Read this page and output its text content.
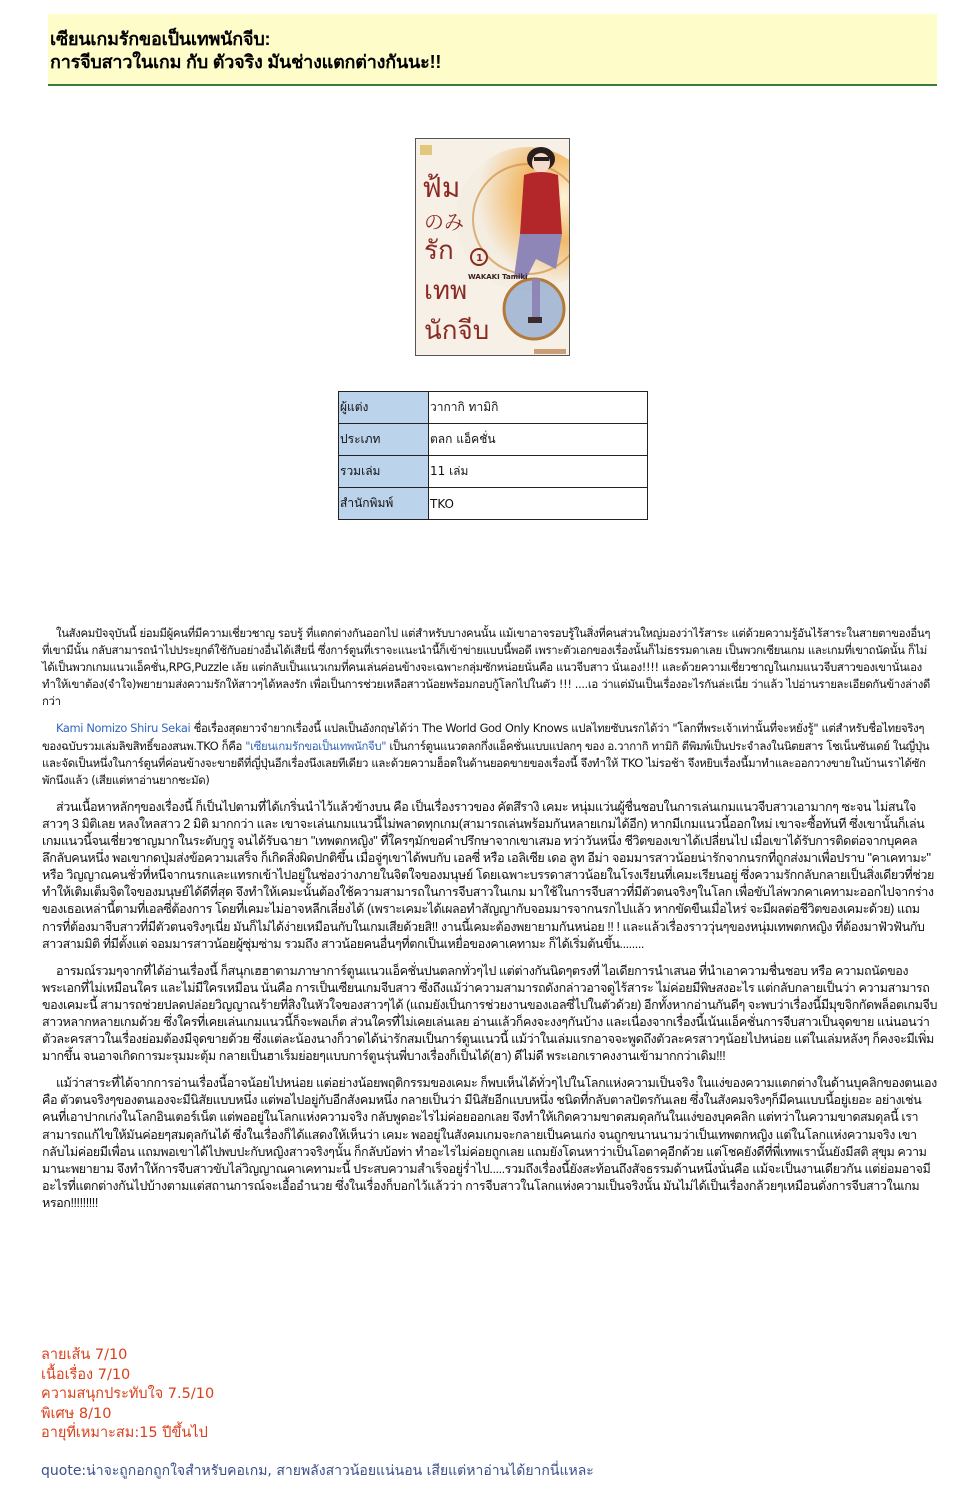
เซียนเกมรักขอเป็นเทพนักจีบ:
การจีบสาวในเกม กับ ตัวจริง มันช่างแตกต่างกันนะ!!
ฟ้ม
のみ
รัก
เทพ
นักจีบ
1
WAKAKI Tamiki
ผู้แต่ง	วากากิ ทามิกิ
ประเภท	ตลก แอ็คชั่น
รวมเล่ม	11 เล่ม
สำนักพิมพ์	TKO

ในสังคมปัจจุบันนี้ ย่อมมีผู้คนที่มีความเชี่ยวชาญ รอบรู้ ที่แตกต่างกันออกไป แต่สำหรับบางคนนั้น แม้เขาอาจรอบรู้ในสิ่งที่คนส่วนใหญ่มองว่าไร้สาระ แต่ด้วยความรู้อันไร้สาระในสายตาของอื่นๆ ที่เขามีนั้น กลับสามารถนำไปประยุกต์ใช้กับอย่างอื่นได้เสียนี่ ซึ่งการ์ตูนที่เราจะแนะนำนี้ก็เข้าข่ายแบบนี้พอดี เพราะตัวเอกของเรื่องนั้นก็ไม่ธรรมดาเลย เป็นพวกเซียนเกม และเกมที่เขาถนัดนั้น ก็ไม่ได้เป็นพวกเกมแนวแอ็คชั่น,RPG,Puzzle เล้ย แต่กลับเป็นแนวเกมที่คนเล่นค่อนข้างจะเฉพาะกลุ่มซักหน่อยนั่นคือ แนวจีบสาว นั่นเอง!!!! และด้วยความเชี่ยวชาญในเกมแนวจีบสาวของเขานั่นเอง ทำให้เขาต้อง(จำใจ)พยายามส่งความรักให้สาวๆได้หลงรัก เพื่อเป็นการช่วยเหลือสาวน้อยพร้อมกอบกู้โลกไปในตัว !!! ....เอ ว่าแต่มันเป็นเรื่องอะไรกันล่ะเนี่ย ว่าแล้ว ไปอ่านรายละเอียดกันข้างล่างดีกว่า

Kami Nomizo Shiru Sekai ชื่อเรื่องสุดยาวจำยากเรื่องนี้ แปลเป็นอังกฤษได้ว่า The World God Only Knows แปลไทยซับนรกได้ว่า "โลกที่พระเจ้าเท่านั้นที่จะหยั่งรู้" แต่สำหรับชื่อไทยจริงๆของฉบับรวมเล่มลิขสิทธิ์ของสนพ.TKO ก็คือ "เซียนเกมรักขอเป็นเทพนักจีบ" เป็นการ์ตูนแนวตลกกึ่งแอ็คชั่นแบบแปลกๆ ของ อ.วากากิ ทามิกิ ตีพิมพ์เป็นประจำลงในนิตยสาร โชเน็นซันเดย์ ในญี่ปุ่น และจัดเป็นหนึ่งในการ์ตูนที่ค่อนข้างจะขายดีที่ญี่ปุ่นอีกเรื่องนึงเลยทีเดียว และด้วยความฮ็อตในด้านยอดขายของเรื่องนี้ จึงทำให้ TKO ไม่รอช้า จึงหยิบเรื่องนี้มาทำและออกวางขายในบ้านเราได้ซักพักนึงแล้ว (เสียแต่หาอ่านยากชะมัด)

ส่วนเนื้อหาหลักๆของเรื่องนี้ ก็เป็นไปตามที่ได้เกริ่นนำไว้แล้วข้างบน คือ เป็นเรื่องราวของ คัตสึรางิ เคมะ หนุ่มแว่นผู้ชื่นชอบในการเล่นเกมแนวจีบสาวเอามากๆ ซะจน ไม่สนใจสาวๆ 3 มิติเลย หลงใหลสาว 2 มิติ มากกว่า และ เขาจะเล่นเกมแนวนี้ไม่พลาดทุกเกม(สามารถเล่นพร้อมกันหลายเกมได้อีก) หากมีเกมแนวนี้ออกใหม่ เขาจะซื้อทันที ซึ่งเขานั้นก็เล่นเกมแนวนี้จนเชี่ยวชาญมากในระดับกูรู จนได้รับฉายา "เทพตกหญิง" ที่ใครๆมักขอคำปรึกษาจากเขาเสมอ ทว่าวันหนึ่ง ชีวิตของเขาได้เปลี่ยนไป เมื่อเขาได้รับการติดต่อจากบุคคลลึกลับคนหนึ่ง พอเขากดปุ่มส่งข้อความเสร็จ ก็เกิดสิ่งผิดปกติขึ้น เมื่อจู่ๆเขาได้พบกับ เอลซี่ หรือ เอลิเซีย เดอ ลูท อีม่า จอมมารสาวน้อยน่ารักจากนรกที่ถูกส่งมาเพื่อปราบ "คาเคทามะ" หรือ วิญญาณคนชั่วที่หนีจากนรกและแทรกเข้าไปอยู่ในช่องว่างภายในจิตใจของมนุษย์ โดยเฉพาะบรรดาสาวน้อยในโรงเรียนที่เคมะเรียนอยู่ ซึ่งความรักกลับกลายเป็นสิ่งเดียวที่ช่วยทำให้เติมเต็มจิตใจของมนุษย์ได้ดีที่สุด จึงทำให้เคมะนั้นต้องใช้ความสามารถในการจีบสาวในเกม มาใช้ในการจีบสาวที่มีตัวตนจริงๆในโลก เพื่อขับไล่พวกคาเคทามะออกไปจากร่างของเธอเหล่านี้ตามที่เอลซี่ต้องการ โดยที่เคมะไม่อาจหลีกเลี่ยงได้ (เพราะเคมะได้เผลอทำสัญญากับจอมมารจากนรกไปแล้ว หากขัดขืนเมื่อไหร่ จะมีผลต่อชีวิตของเคมะด้วย) แถมการที่ต้องมาจีบสาวที่มีตัวตนจริงๆเนี่ย มันก็ไม่ได้ง่ายเหมือนกับในเกมเสียด้วยสิ!! งานนี้เคมะต้องพยายามกันหน่อย !! ! และแล้วเรื่องราววุ่นๆของหนุ่มเทพตกหญิง ที่ต้องมาฟัวฟันกับสาวสามมิติ ที่มีตั้งแต่ จอมมารสาวน้อยผู้ซุ่มซ่าม รวมถึง สาวน้อยคนอื่นๆที่ตกเป็นเหยื่อของคาเคทามะ ก็ได้เริ่มต้นขึ้น........

อารมณ์รวมๆจากที่ได้อ่านเรื่องนี้ ก็สนุกเฮฮาตามภาษาการ์ตูนแนวแอ็คชั่นปนตลกทั่วๆไป แต่ต่างกันนิดๆตรงที่ ไอเดียการนำเสนอ ที่นำเอาความชื่นชอบ หรือ ความถนัดของพระเอกที่ไม่เหมือนใคร และไม่มีใครเหมือน นั่นคือ การเป็นเซียนเกมจีบสาว ซึ่งถึงแม้ว่าความสามารถดังกล่าวอาจดูไร้สาระ ไม่ค่อยมีพิษสงอะไร แต่กลับกลายเป็นว่า ความสามารถของเคมะนี้ สามารถช่วยปลดปล่อยวิญญาณร้ายที่สิงในหัวใจของสาวๆได้ (แถมยังเป็นการช่วยงานของเอลซี่ไปในตัวด้วย) อีกทั้งหากอ่านกันดีๆ จะพบว่าเรื่องนี้มีมุขจิกกัดพล็อตเกมจีบสาวหลากหลายเกมด้วย ซึ่งใครที่เคยเล่นเกมแนวนี้ก็จะพอเก็ต ส่วนใครที่ไม่เคยเล่นเลย อ่านแล้วก็คงจะงงๆกันบ้าง และเนื่องจากเรื่องนี้เน้นแอ็คชั่นการจีบสาวเป็นจุดขาย แน่นอนว่า ตัวละครสาวในเรื่องย่อมต้องมีจุดขายด้วย ซึ่งแต่ละน้องนางก็วาดได้น่ารักสมเป็นการ์ตูนแนวนี้ แม้ว่าในเล่มแรกอาจจะพูดถึงตัวละครสาวๆน้อยไปหน่อย แต่ในเล่มหลังๆ ก็คงจะมีเพิ่มมากขึ้น จนอาจเกิดการมะรุมมะตุ้ม กลายเป็นฮาเร็มย่อยๆแบบการ์ตูนรุ่นพี่บางเรื่องก็เป็นได้(ฮา) ดีไม่ดี พระเอกเราคงงานเข้ามากกว่าเดิม!!!

แม้ว่าสาระที่ได้จากการอ่านเรื่องนี้อาจน้อยไปหน่อย แต่อย่างน้อยพฤติกรรมของเคมะ ก็พบเห็นได้ทั่วๆไปในโลกแห่งความเป็นจริง ในแง่ของความแตกต่างในด้านบุคลิกของตนเอง คือ ตัวตนจริงๆของตนเองจะมีนิสัยแบบหนึ่ง แต่พอไปอยู่กับอีกสังคมหนึ่ง กลายเป็นว่า มีนิสัยอีกแบบหนึ่ง ชนิดที่กลับตาลปัตรกันเลย ซึ่งในสังคมจริงๆก็มีคนแบบนี้อยู่เยอะ อย่างเช่น คนที่เอาปากเก่งในโลกอินเตอร์เน็ต แต่พออยู่ในโลกแห่งความจริง กลับพูดอะไรไม่ค่อยออกเลย จึงทำให้เกิดความขาดสมดุลกันในแง่ของบุคคลิก แต่ทว่าในความขาดสมดุลนี้ เราสามารถแก้ไขให้มันค่อยๆสมดุลกันได้ ซึ่งในเรื่องก็ได้แสดงให้เห็นว่า เคมะ พออยู่ในสังคมเกมจะกลายเป็นคนเก่ง จนถูกขนานนามว่าเป็นเทพตกหญิง แต่ในโลกแห่งความจริง เขากลับไม่ค่อยมีเพื่อน แถมพอเขาได้ไปพบปะกับหญิงสาวจริงๆนั้น ก็กลับบ้อท่า ทำอะไรไม่ค่อยถูกเลย แถมยังโดนหาว่าเป็นโอตาคุอีกด้วย แต่โชคยังดีที่พี่เทพเรานั้นยังมีสติ สุขุม ความมานะพยายาม จึงทำให้การจีบสาวขับไล่วิญญาณคาเคทามะนี้ ประสบความสำเร็จอยู่ร่ำไป.....รวมถึงเรื่องนี้ยังสะท้อนถึงสัจธรรมด้านหนึ่งนั่นคือ แม้จะเป็นงานเดียวกัน แต่ย่อมอาจมีอะไรที่แตกต่างกันไปบ้างตามแต่สถานการณ์จะเอื้ออำนวย ซึ่งในเรื่องก็บอกไว้แล้วว่า การจีบสาวในโลกแห่งความเป็นจริงนั้น มันไม่ได้เป็นเรื่องกล้วยๆเหมือนดั่งการจีบสาวในเกมหรอก!!!!!!!!!

ลายเส้น 7/10
เนื้อเรื่อง 7/10
ความสนุกประทับใจ 7.5/10
พิเศษ 8/10
อายุที่เหมาะสม:15 ปีขึ้นไป
quote:น่าจะถูกอกถูกใจสำหรับคอเกม, สายพลังสาวน้อยแน่นอน เสียแต่หาอ่านได้ยากนี่แหละ
